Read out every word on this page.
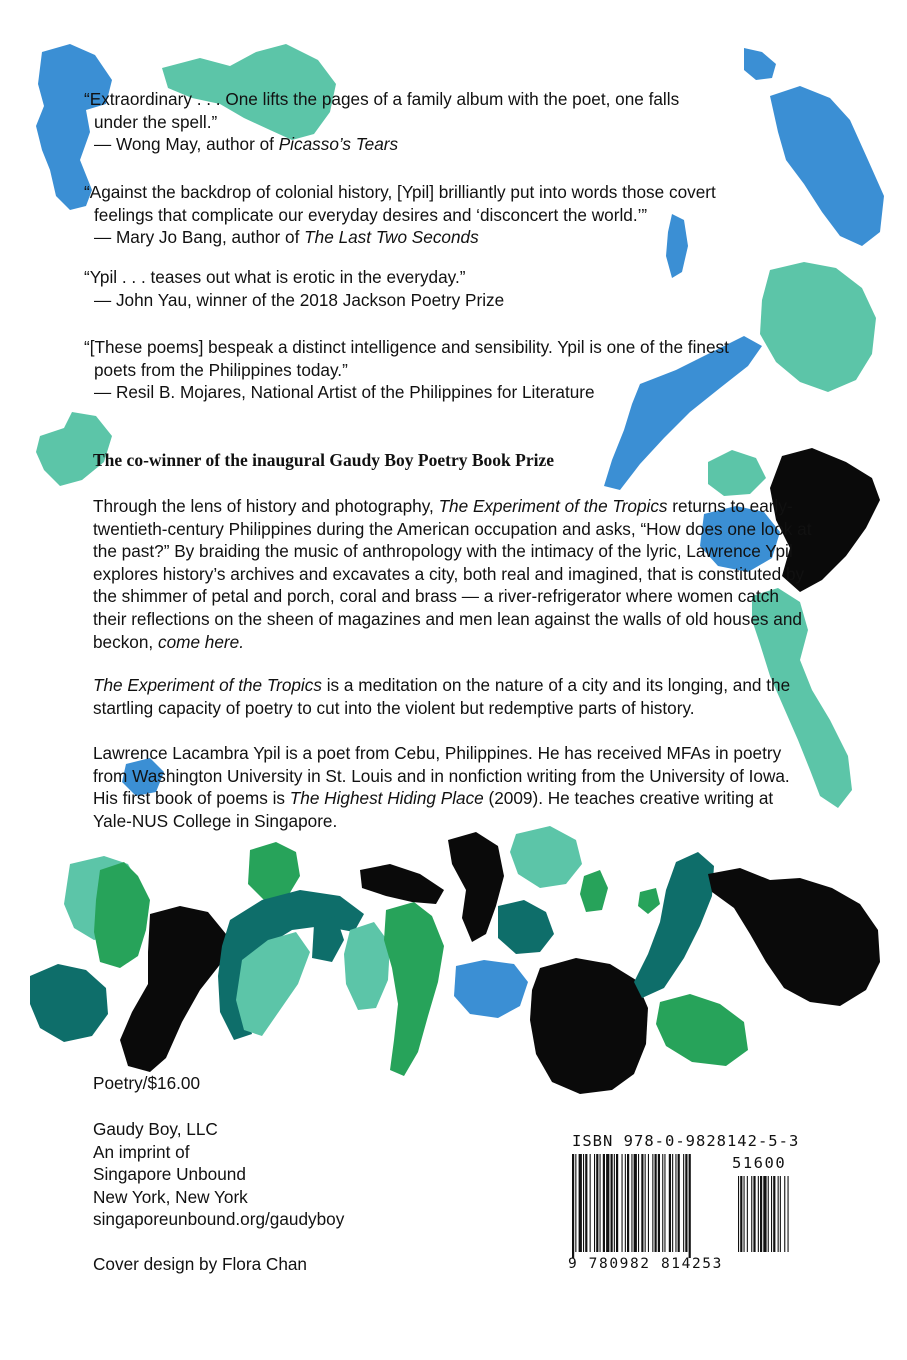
“Extraordinary . . . One lifts the pages of a family album with the poet, one falls

under the spell.”

— Wong May, author of Picasso’s Tears

“Against the backdrop of colonial history, [Ypil] brilliantly put into words those covert

feelings that complicate our everyday desires and ‘disconcert the world.’”

— Mary Jo Bang, author of The Last Two Seconds

“Ypil . . . teases out what is erotic in the everyday.”

— John Yau, winner of the 2018 Jackson Poetry Prize

“[These poems] bespeak a distinct intelligence and sensibility. Ypil is one of the finest

poets from the Philippines today.”

— Resil B. Mojares, National Artist of the Philippines for Literature

The co-winner of the inaugural Gaudy Boy Poetry Book Prize

Through the lens of history and photography, The Experiment of the Tropics returns to early-twentieth-century Philippines during the American occupation and asks, “How does one look at the past?” By braiding the music of anthropology with the intimacy of the lyric, Lawrence Ypil explores history’s archives and excavates a city, both real and imagined, that is constituted by the shimmer of petal and porch, coral and brass — a river-refrigerator where women catch their reflections on the sheen of magazines and men lean against the walls of old houses and beckon, come here.

The Experiment of the Tropics is a meditation on the nature of a city and its longing, and the startling capacity of poetry to cut into the violent but redemptive parts of history.

Lawrence Lacambra Ypil is a poet from Cebu, Philippines. He has received MFAs in poetry from Washington University in St. Louis and in nonfiction writing from the University of Iowa. His first book of poems is The Highest Hiding Place (2009). He teaches creative writing at Yale-NUS College in Singapore.

Poetry/$16.00

Gaudy Boy, LLC

An imprint of

Singapore Unbound

New York, New York

singaporeunbound.org/gaudyboy

Cover design by Flora Chan
ISBN 978-0-9828142-5-3
51600
9 780982 814253
